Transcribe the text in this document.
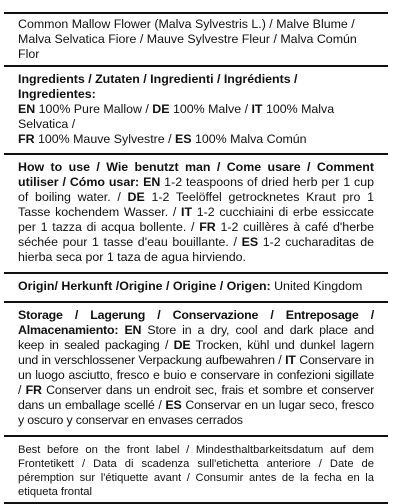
Common Mallow Flower (Malva Sylvestris L.) / Malve Blume /

Malva Selvatica Fiore / Mauve Sylvestre Fleur / Malva Común Flor

Ingredients / Zutaten / Ingredienti / Ingrédients / Ingredientes:

EN 100% Pure Mallow / DE 100% Malve / IT 100% Malva Selvatica /

FR 100% Mauve Sylvestre / ES 100% Malva Común

How to use / Wie benutzt man / Come usare / Comment utiliser / Cómo usar: EN 1-2 teaspoons of dried herb per 1 cup of boiling water. / DE 1-2 Teelöffel getrocknetes Kraut pro 1 Tasse kochendem Wasser. / IT 1-2 cucchiaini di erbe essiccate per 1 tazza di acqua bollente. / FR 1-2 cuillères à café d'herbe séchée pour 1 tasse d'eau bouillante. / ES 1-2 cucharaditas de hierba seca por 1 taza de agua hirviendo.

Origin/ Herkunft /Origine / Origine / Origen: United Kingdom

Storage / Lagerung / Conservazione / Entreposage / Almacenamiento: EN Store in a dry, cool and dark place and keep in sealed packaging / DE Trocken, kühl und dunkel lagern und in verschlossener Verpackung aufbewahren / IT Conservare in un luogo asciutto, fresco e buio e conservare in confezioni sigillate / FR Conserver dans un endroit sec, frais et sombre et conserver dans un emballage scellé / ES Conservar en un lugar seco, fresco y oscuro y conservar en envases cerrados

Best before on the front label / Mindesthaltbarkeitsdatum auf dem Frontetikett / Data di scadenza sull'etichetta anteriore / Date de péremption sur l'étiquette avant / Consumir antes de la fecha en la etiqueta frontal
